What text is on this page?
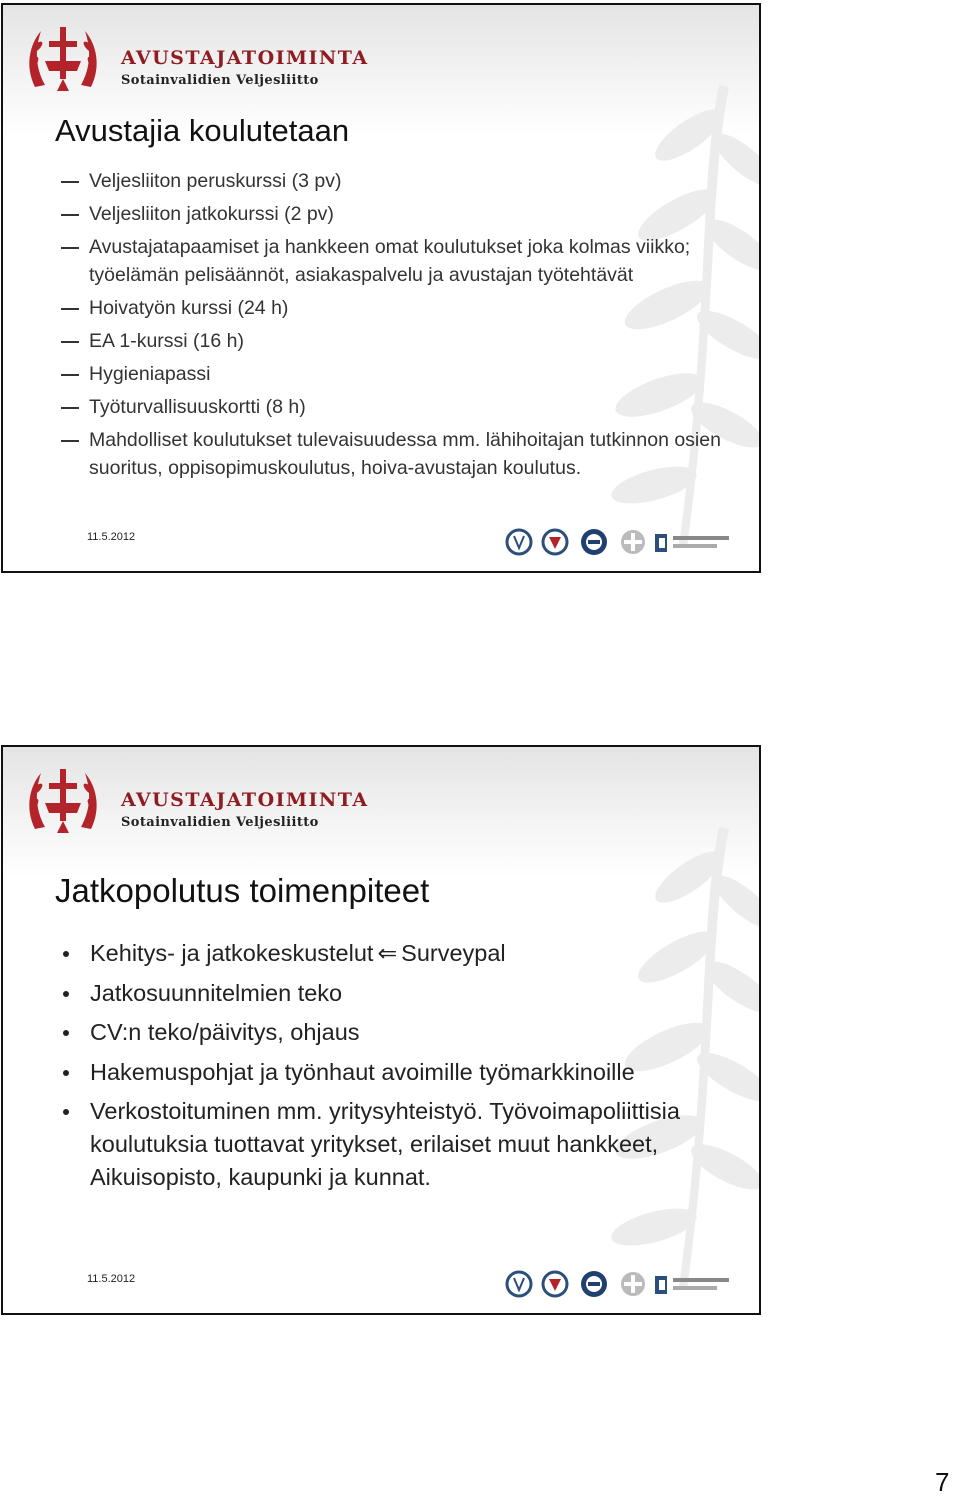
AVUSTAJATOIMINTA
Sotainvalidien Veljesliitto
Avustajia koulutetaan
Veljesliiton peruskurssi (3 pv)
Veljesliiton jatkokurssi (2 pv)
Avustajatapaamiset ja hankkeen omat koulutukset joka kolmas viikko; työelämän pelisäännöt, asiakaspalvelu ja avustajan työtehtävät
Hoivatyön kurssi (24 h)
EA 1-kurssi (16 h)
Hygieniapassi
Työturvallisuuskortti (8 h)
Mahdolliset koulutukset tulevaisuudessa mm. lähihoitajan tutkinnon osien suoritus, oppisopimuskoulutus, hoiva-avustajan koulutus.
11.5.2012
AVUSTAJATOIMINTA
Sotainvalidien Veljesliitto
Jatkopolutus toimenpiteet
Kehitys- ja jatkokeskustelut ⇐ Surveypal
Jatkosuunnitelmien teko
CV:n teko/päivitys, ohjaus
Hakemuspohjat ja työnhaut avoimille työmarkkinoille
Verkostoituminen mm. yritysyhteistyö. Työvoimapoliittisia koulutuksia tuottavat yritykset, erilaiset muut hankkeet, Aikuisopisto, kaupunki ja kunnat.
11.5.2012
7
